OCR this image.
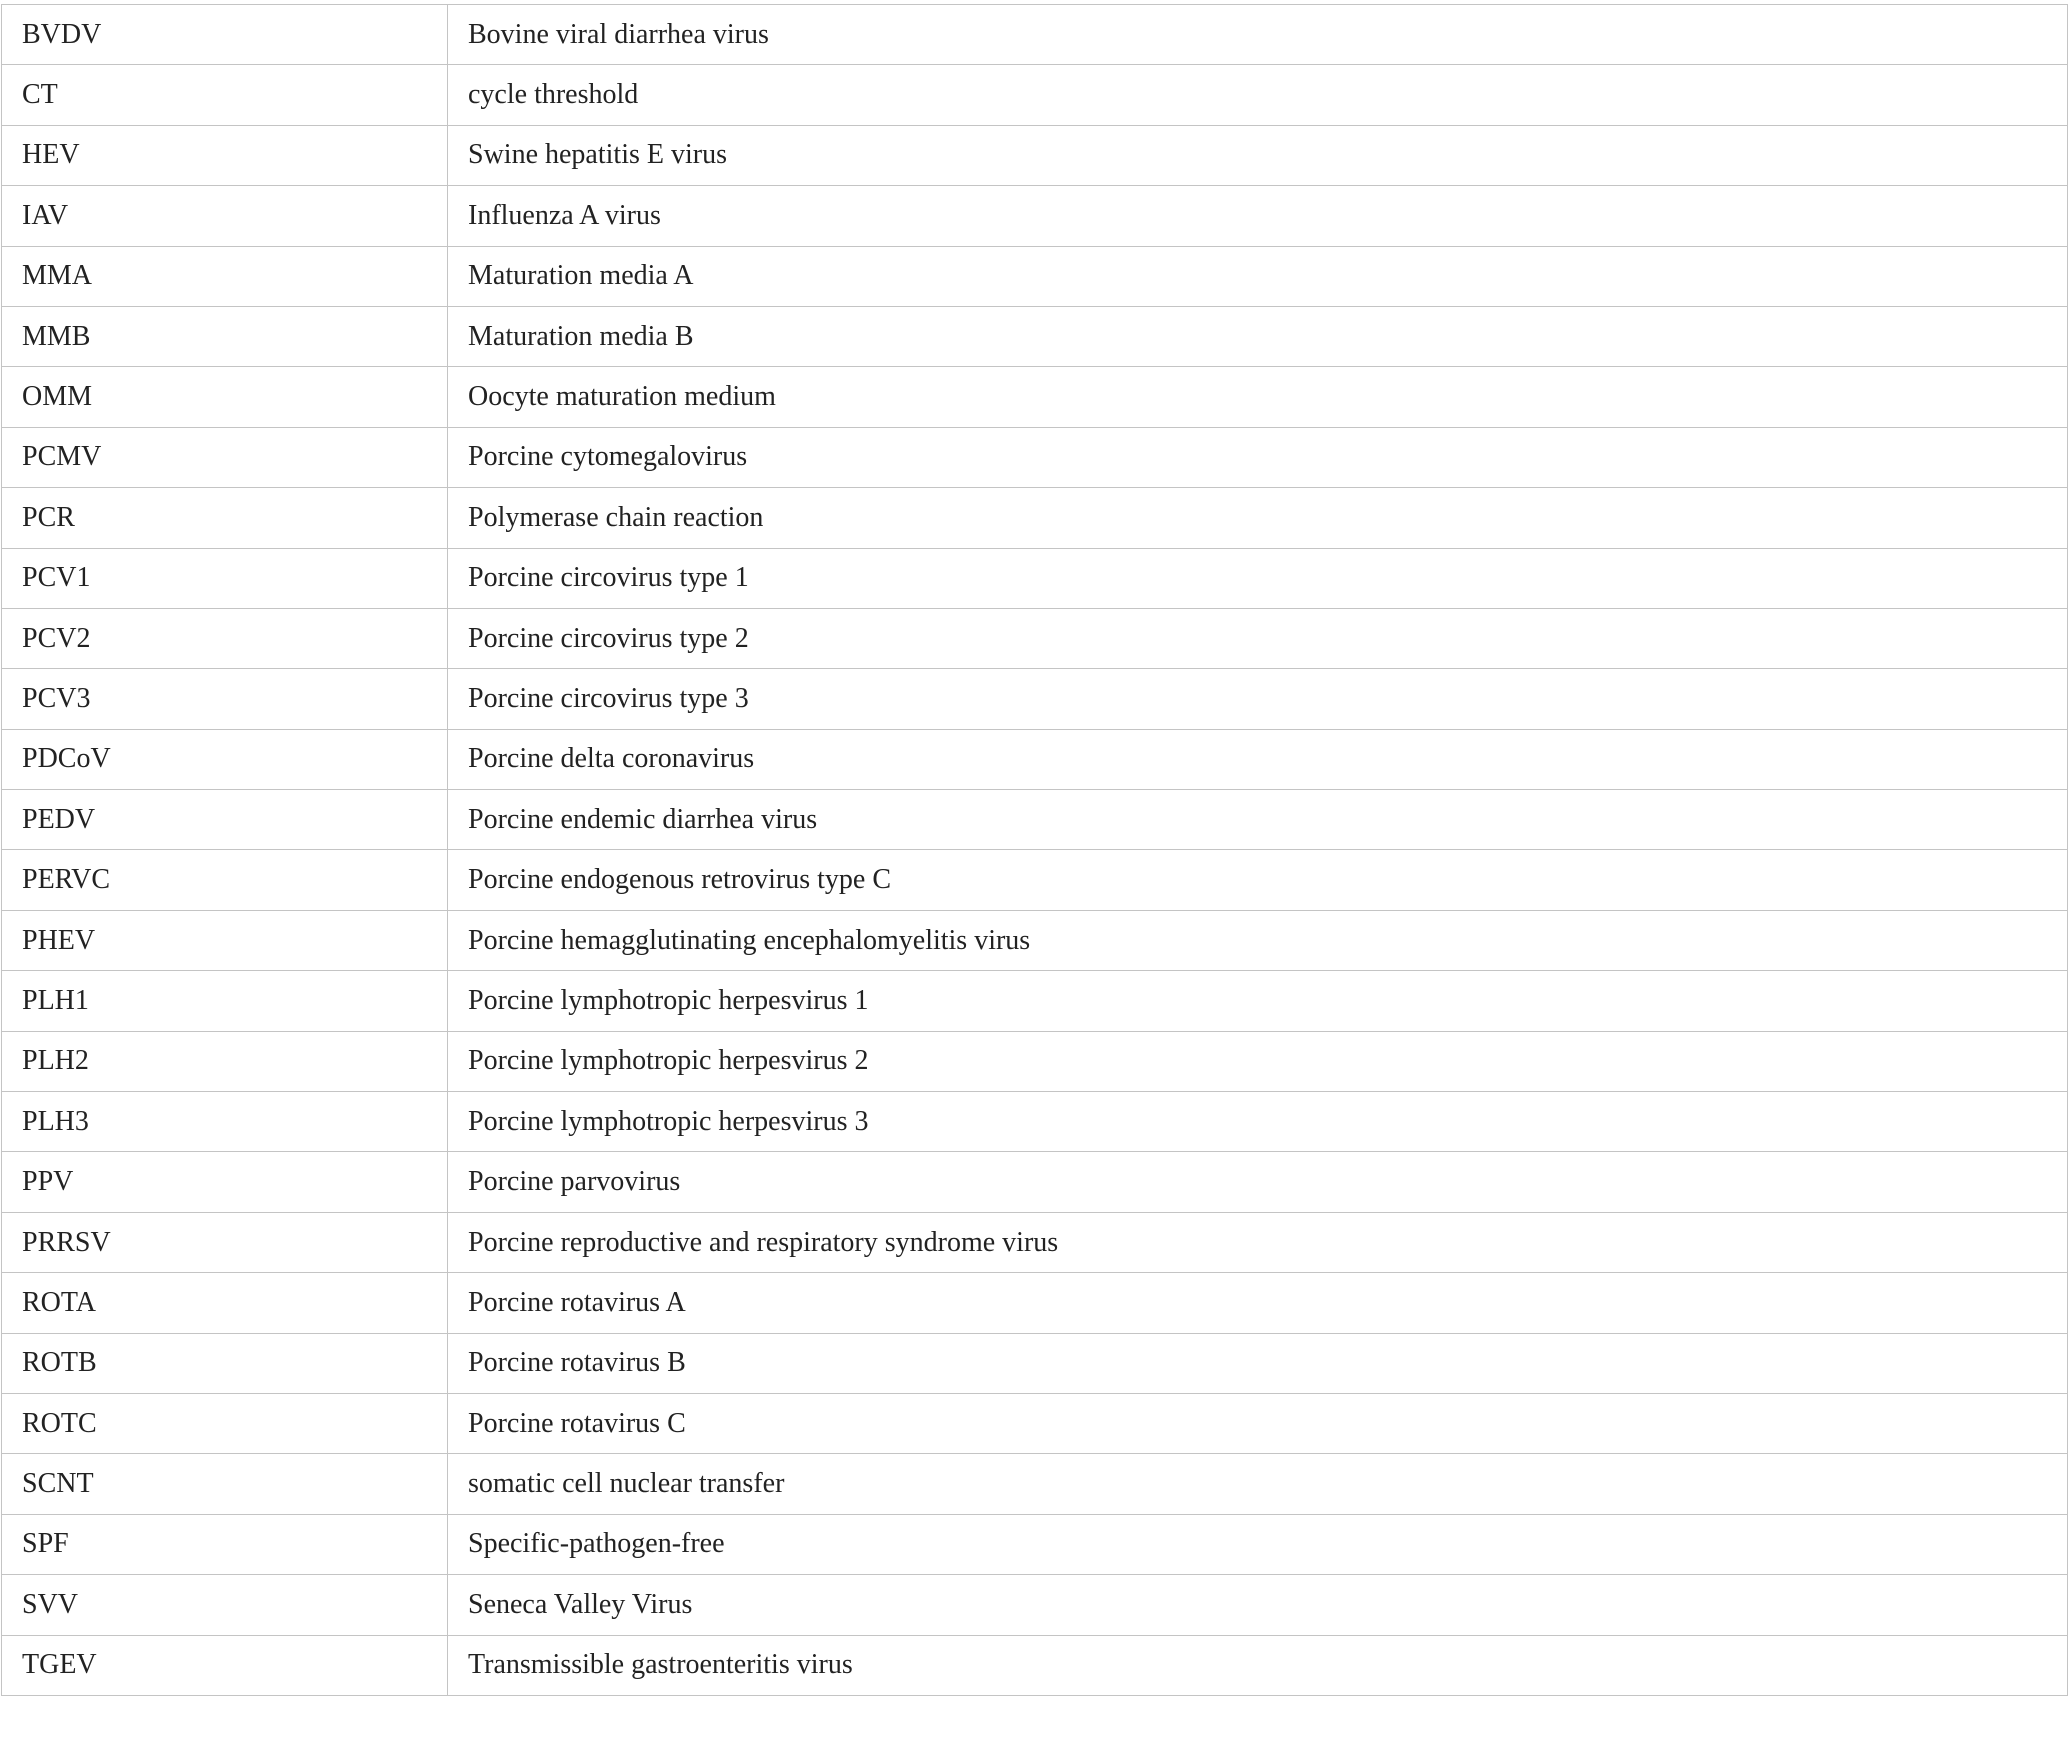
BVDV	Bovine viral diarrhea virus
CT	cycle threshold
HEV	Swine hepatitis E virus
IAV	Influenza A virus
MMA	Maturation media A
MMB	Maturation media B
OMM	Oocyte maturation medium
PCMV	Porcine cytomegalovirus
PCR	Polymerase chain reaction
PCV1	Porcine circovirus type 1
PCV2	Porcine circovirus type 2
PCV3	Porcine circovirus type 3
PDCoV	Porcine delta coronavirus
PEDV	Porcine endemic diarrhea virus
PERVC	Porcine endogenous retrovirus type C
PHEV	Porcine hemagglutinating encephalomyelitis virus
PLH1	Porcine lymphotropic herpesvirus 1
PLH2	Porcine lymphotropic herpesvirus 2
PLH3	Porcine lymphotropic herpesvirus 3
PPV	Porcine parvovirus
PRRSV	Porcine reproductive and respiratory syndrome virus
ROTA	Porcine rotavirus A
ROTB	Porcine rotavirus B
ROTC	Porcine rotavirus C
SCNT	somatic cell nuclear transfer
SPF	Specific-pathogen-free
SVV	Seneca Valley Virus
TGEV	Transmissible gastroenteritis virus
